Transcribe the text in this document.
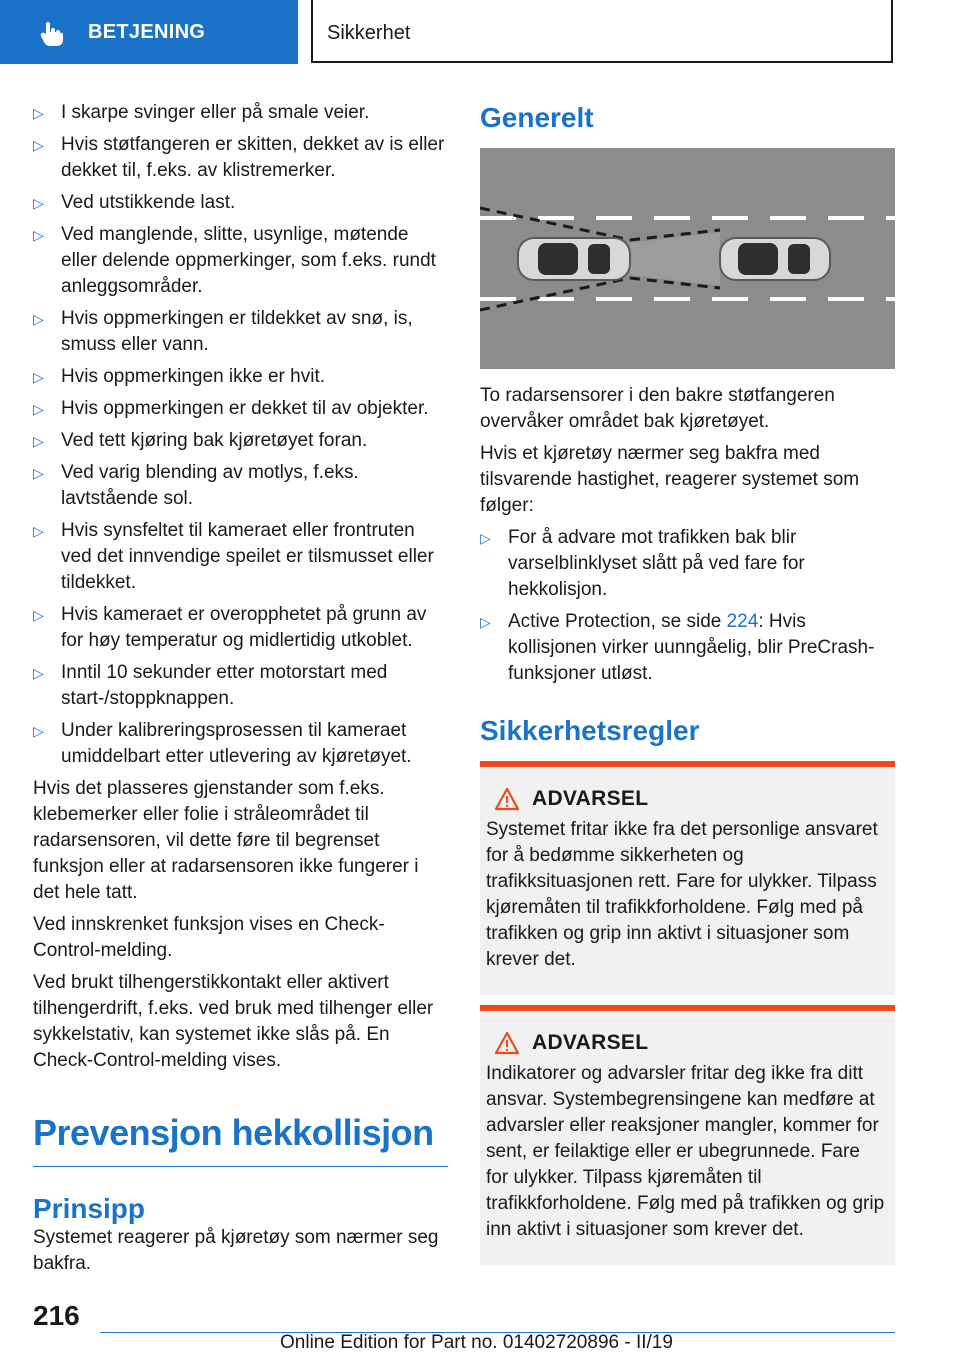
BETJENING	Sikkerhet
▷ I skarpe svinger eller på smale veier.
▷ Hvis støtfangeren er skitten, dekket av is eller dekket til, f.eks. av klistremerker.
▷ Ved utstikkende last.
▷ Ved manglende, slitte, usynlige, møtende eller delende oppmerkinger, som f.eks. rundt anleggsområder.
▷ Hvis oppmerkingen er tildekket av snø, is, smuss eller vann.
▷ Hvis oppmerkingen ikke er hvit.
▷ Hvis oppmerkingen er dekket til av objekter.
▷ Ved tett kjøring bak kjøretøyet foran.
▷ Ved varig blending av motlys, f.eks. lavtstående sol.
▷ Hvis synsfeltet til kameraet eller frontruten ved det innvendige speilet er tilsmusset eller tildekket.
▷ Hvis kameraet er overopphetet på grunn av for høy temperatur og midlertidig utkoblet.
▷ Inntil 10 sekunder etter motorstart med start-/stoppknappen.
▷ Under kalibreringsprosessen til kameraet umiddelbart etter utlevering av kjøretøyet.

Hvis det plasseres gjenstander som f.eks. klebemerker eller folie i stråleområdet til radarsensoren, vil dette føre til begrenset funksjon eller at radarsensoren ikke fungerer i det hele tatt.

Ved innskrenket funksjon vises en Check-Control-melding.

Ved brukt tilhengerstikkontakt eller aktivert tilhengerdrift, f.eks. ved bruk med tilhenger eller sykkelstativ, kan systemet ikke slås på. En Check-Control-melding vises.

Prevensjon hekkollisjon
Prinsipp

Systemet reagerer på kjøretøy som nærmer seg bakfra.

Generelt

To radarsensorer i den bakre støtfangeren overvåker området bak kjøretøyet.

Hvis et kjøretøy nærmer seg bakfra med tilsvarende hastighet, reagerer systemet som følger:

▷ For å advare mot trafikken bak blir varselblinklyset slått på ved fare for hekkolisjon.
▷ Active Protection, se side 224: Hvis kollisjonen virker uunngåelig, blir PreCrash-funksjoner utløst.
Sikkerhetsregler
ADVARSEL

Systemet fritar ikke fra det personlige ansvaret for å bedømme sikkerheten og trafikksituasjonen rett. Fare for ulykker. Tilpass kjøremåten til trafikkforholdene. Følg med på trafikken og grip inn aktivt i situasjoner som krever det.

ADVARSEL

Indikatorer og advarsler fritar deg ikke fra ditt ansvar. Systembegrensingene kan medføre at advarsler eller reaksjoner mangler, kommer for sent, er feilaktige eller er ubegrunnede. Fare for ulykker. Tilpass kjøremåten til trafikkforholdene. Følg med på trafikken og grip inn aktivt i situasjoner som krever det.

216
Online Edition for Part no. 01402720896 - II/19
